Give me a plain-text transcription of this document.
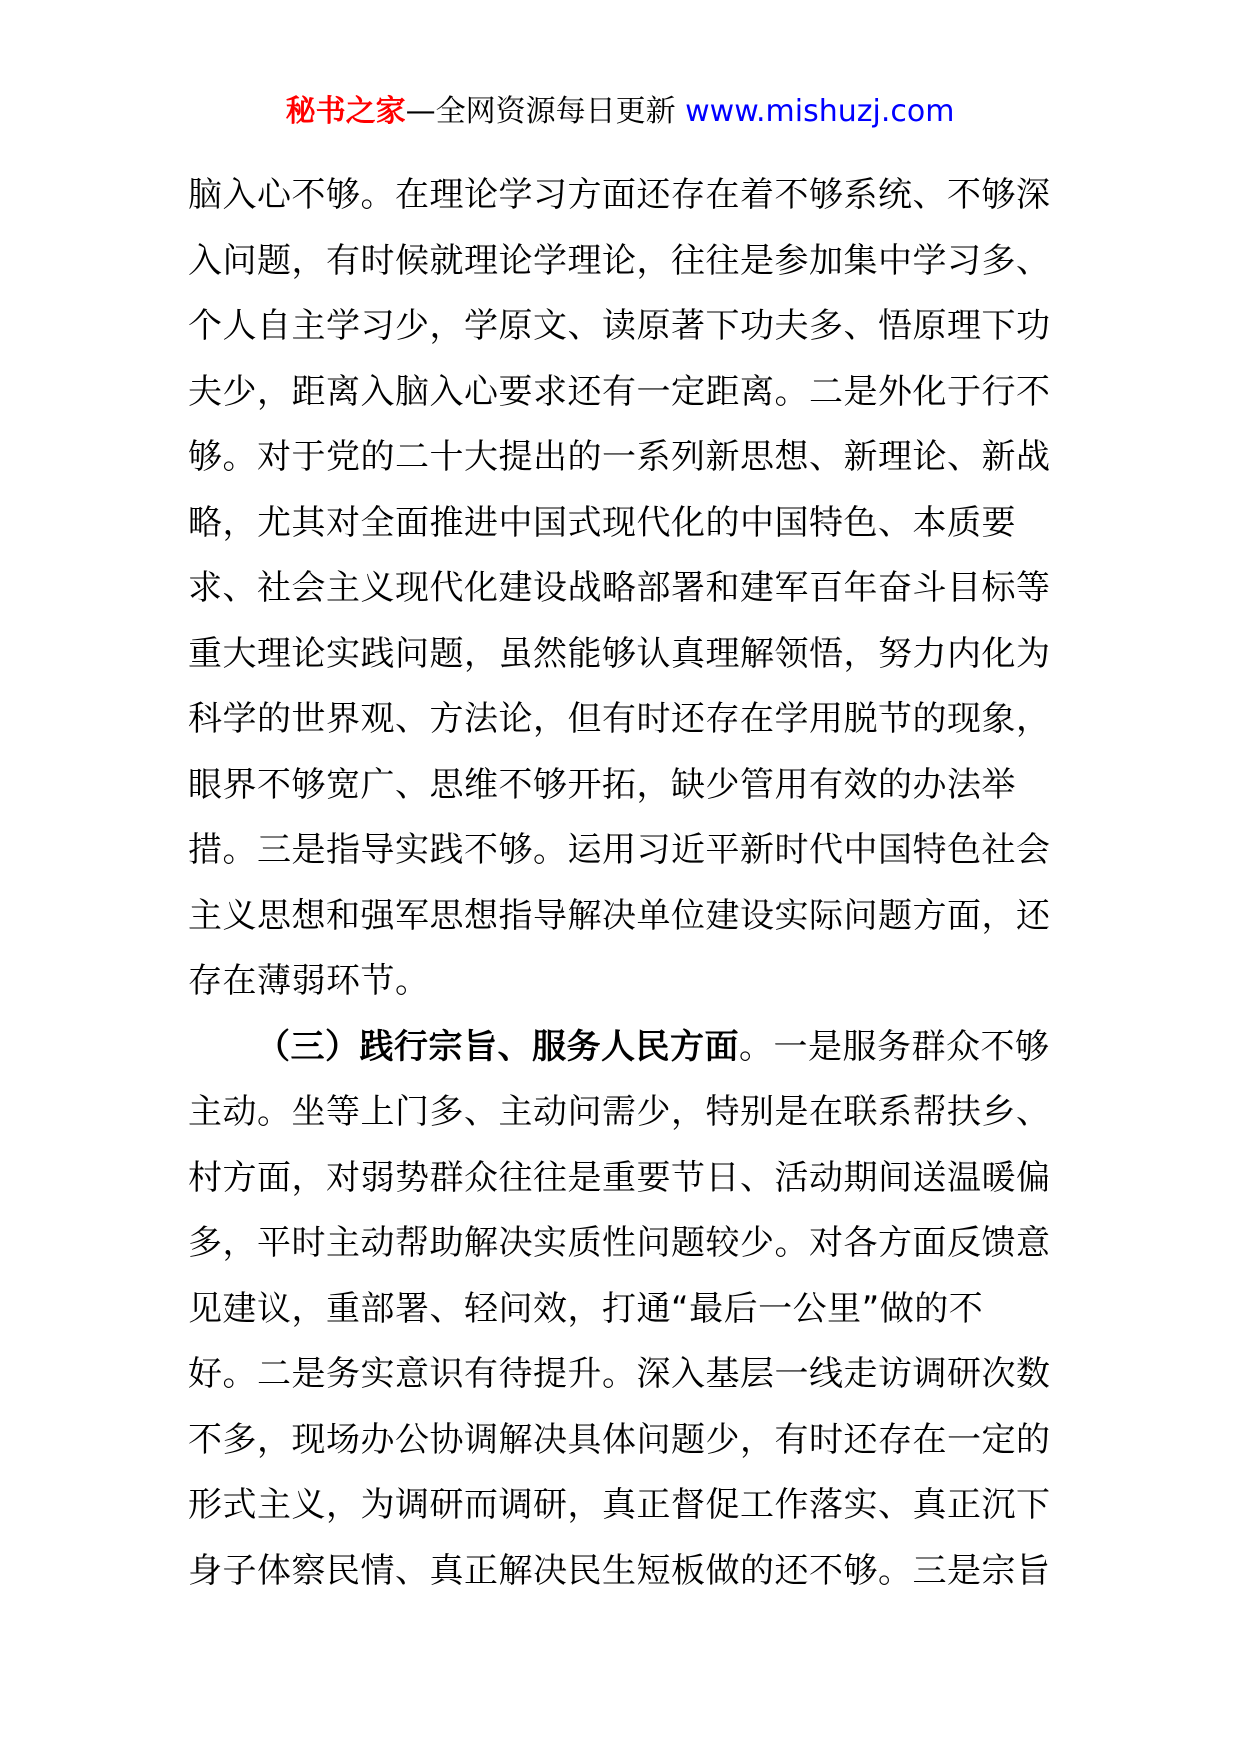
秘书之家—全网资源每日更新 www.mishuzj.com
脑入心不够。在理论学习方面还存在着不够系统、不够深
入问题，有时候就理论学理论，往往是参加集中学习多、
个人自主学习少，学原文、读原著下功夫多、悟原理下功
夫少，距离入脑入心要求还有一定距离。二是外化于行不
够。对于党的二十大提出的一系列新思想、新理论、新战
略，尤其对全面推进中国式现代化的中国特色、本质要
求、社会主义现代化建设战略部署和建军百年奋斗目标等
重大理论实践问题，虽然能够认真理解领悟，努力内化为
科学的世界观、方法论，但有时还存在学用脱节的现象，
眼界不够宽广、思维不够开拓，缺少管用有效的办法举
措。三是指导实践不够。运用习近平新时代中国特色社会
主义思想和强军思想指导解决单位建设实际问题方面，还
存在薄弱环节。
（三）践行宗旨、服务人民方面。一是服务群众不够
主动。坐等上门多、主动问需少，特别是在联系帮扶乡、
村方面，对弱势群众往往是重要节日、活动期间送温暖偏
多，平时主动帮助解决实质性问题较少。对各方面反馈意
见建议，重部署、轻问效，打通“最后一公里”做的不
好。二是务实意识有待提升。深入基层一线走访调研次数
不多，现场办公协调解决具体问题少，有时还存在一定的
形式主义，为调研而调研，真正督促工作落实、真正沉下
身子体察民情、真正解决民生短板做的还不够。三是宗旨
